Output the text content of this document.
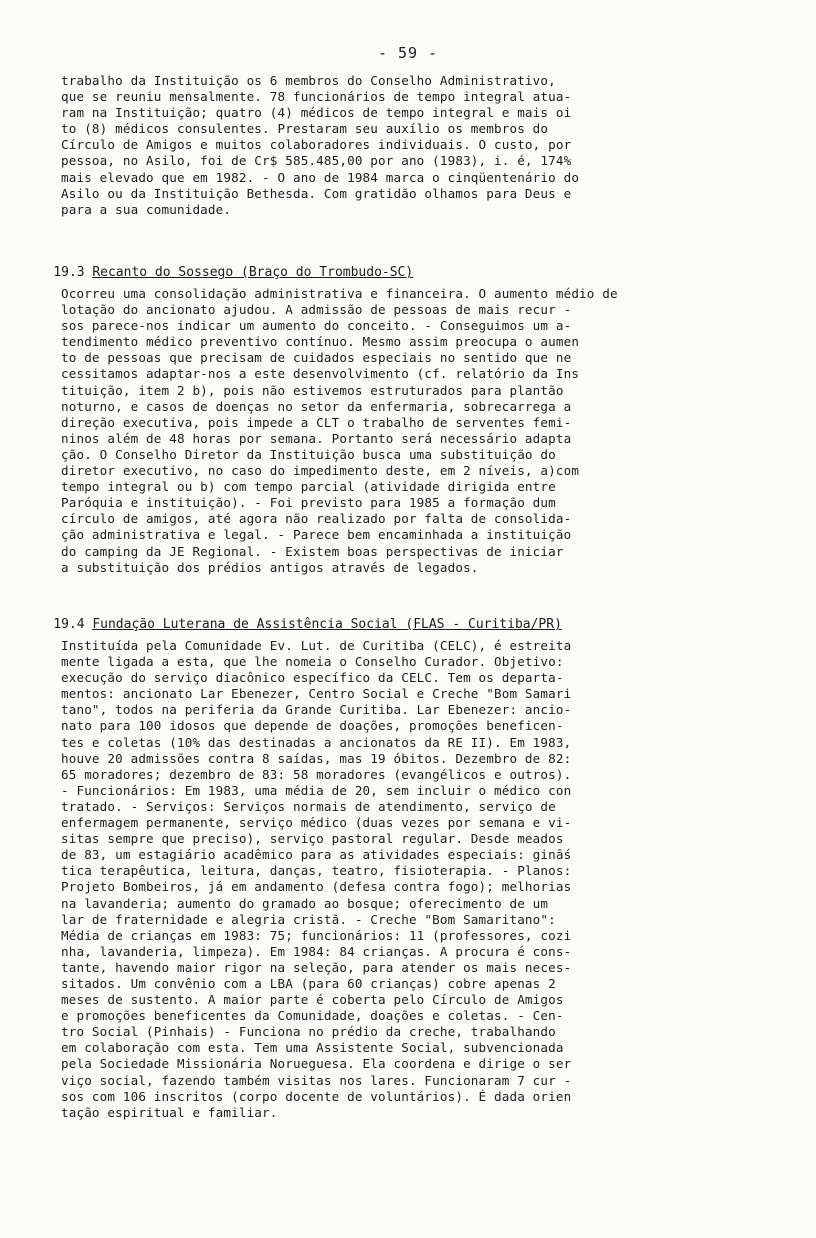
- 59 -
trabalho da Instituição os 6 membros do Conselho Administrativo,
que se reuniu mensalmente. 78 funcionários de tempo integral atua-
ram na Instituição; quatro (4) médicos de tempo integral e mais oi
to (8) médicos consulentes. Prestaram seu auxílio os membros do
Círculo de Amigos e muitos colaboradores individuais. O custo, por
pessoa, no Asilo, foi de Cr$ 585.485,00 por ano (1983), i. é, 174%
mais elevado que em 1982. - O ano de 1984 marca o cinqüentenário do
Asilo ou da Instituição Bethesda. Com gratidão olhamos para Deus e
para a sua comunidade.

19.3 Recanto do Sossego (Braço do Trombudo-SC)

Ocorreu uma consolidação administrativa e financeira. O aumento médio de
lotação do ancionato ajudou. A admissão de pessoas de mais recur -
sos parece-nos indicar um aumento do conceito. - Conseguimos um a-
tendimento médico preventivo contínuo. Mesmo assim preocupa o aumen
to de pessoas que precisam de cuidados especiais no sentido que ne
cessitamos adaptar-nos a este desenvolvimento (cf. relatório da Ins
tituição, item 2 b), pois não estivemos estruturados para plantão
noturno, e casos de doenças no setor da enfermaria, sobrecarrega a
direção executiva, pois impede a CLT o trabalho de serventes femi-
ninos além de 48 horas por semana. Portanto será necessário adapta
ção. O Conselho Diretor da Instituição busca uma substituição do
diretor executivo, no caso do impedimento deste, em 2 níveis, a)com
tempo integral ou b) com tempo parcial (atividade dirigida entre
Paróquia e instituição). - Foi previsto para 1985 a formação dum
círculo de amigos, até agora não realizado por falta de consolida-
ção administrativa e legal. - Parece bem encaminhada a instituição
do camping da JE Regional. - Existem boas perspectivas de iniciar
a substituição dos prédios antigos através de legados.

19.4 Fundação Luterana de Assistência Social (FLAS - Curitiba/PR)

Instituída pela Comunidade Ev. Lut. de Curitiba (CELC), é estreita
mente ligada a esta, que lhe nomeia o Conselho Curador. Objetivo:
execução do serviço diacônico específico da CELC. Tem os departa-
mentos: ancionato Lar Ebenezer, Centro Social e Creche "Bom Samari
tano", todos na periferia da Grande Curitiba. Lar Ebenezer: ancio-
nato para 100 idosos que depende de doações, promoções beneficen-
tes e coletas (10% das destinadas a ancionatos da RE II). Em 1983,
houve 20 admissões contra 8 saídas, mas 19 óbitos. Dezembro de 82:
65 moradores; dezembro de 83: 58 moradores (evangélicos e outros).
- Funcionários: Em 1983, uma média de 20, sem incluir o médico con
tratado. - Serviços: Serviços normais de atendimento, serviço de
enfermagem permanente, serviço médico (duas vezes por semana e vi-
sitas sempre que preciso), serviço pastoral regular. Desde meados
de 83, um estagiário acadêmico para as atividades especiais: gināś
tica terapêutica, leitura, danças, teatro, fisioterapia. - Planos:
Projeto Bombeiros, já em andamento (defesa contra fogo); melhorias
na lavanderia; aumento do gramado ao bosque; oferecimento de um
lar de fraternidade e alegria cristã. - Creche "Bom Samaritano":
Média de crianças em 1983: 75; funcionários: 11 (professores, cozi
nha, lavanderia, limpeza). Em 1984: 84 crianças. A procura é cons-
tante, havendo maior rigor na seleção, para atender os mais neces-
sitados. Um convênio com a LBA (para 60 crianças) cobre apenas 2
meses de sustento. A maior parte é coberta pelo Círculo de Amigos
e promoções beneficentes da Comunidade, doações e coletas. - Cen-
tro Social (Pinhais) - Funciona no prédio da creche, trabalhando
em colaboração com esta. Tem uma Assistente Social, subvencionada
pela Sociedade Missionária Norueguesa. Ela coordena e dirige o ser
viço social, fazendo também visitas nos lares. Funcionaram 7 cur -
sos com 106 inscritos (corpo docente de voluntários). É dada orien
tação espiritual e familiar.
